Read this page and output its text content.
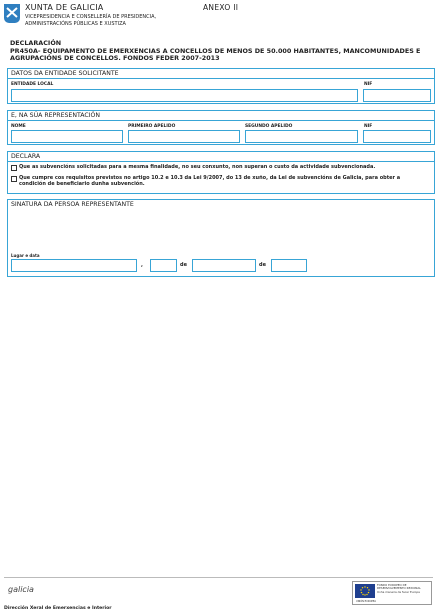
XUNTA DE GALICIA
VICEPRESIDENCIA E CONSELLERÍA DE PRESIDENCIA, ADMINISTRACIÓNS PÚBLICAS E XUSTIZA
ANEXO II
DECLARACIÓN
PR450A- EQUIPAMENTO DE EMERXENCIAS A CONCELLOS DE MENOS DE 50.000 HABITANTES, MANCOMUNIDADES E
AGRUPACIÓNS DE CONCELLOS. FONDOS FEDER 2007-2013
DATOS DA ENTIDADE SOLICITANTE
ENTIDADE LOCAL	NIF
E, NA SÚA REPRESENTACIÓN
NOME	PRIMEIRO APELIDO	SEGUNDO APELIDO	NIF
DECLARA
Que as subvencións solicitadas para a mesma finalidade, no seu conxunto, non superan o custo da actividade subvencionada.
Que cumpre cos requisitos previstos no artigo 10.2 e 10.3 da Lei 9/2007, do 13 de xuño, da Lei de subvencións de Galicia, para obter a
condición de beneficiario dunha subvención.
SINATURA DA PERSOA REPRESENTANTE
Lugar e data
,	de	de
galicia	FONDO EUROPEO DE
DESENVOLVEMENTO REXIONAL
Unha maneira de facer Europa
UNIÓN EUROPEA
Dirección Xeral de Emerxencias e Interior
